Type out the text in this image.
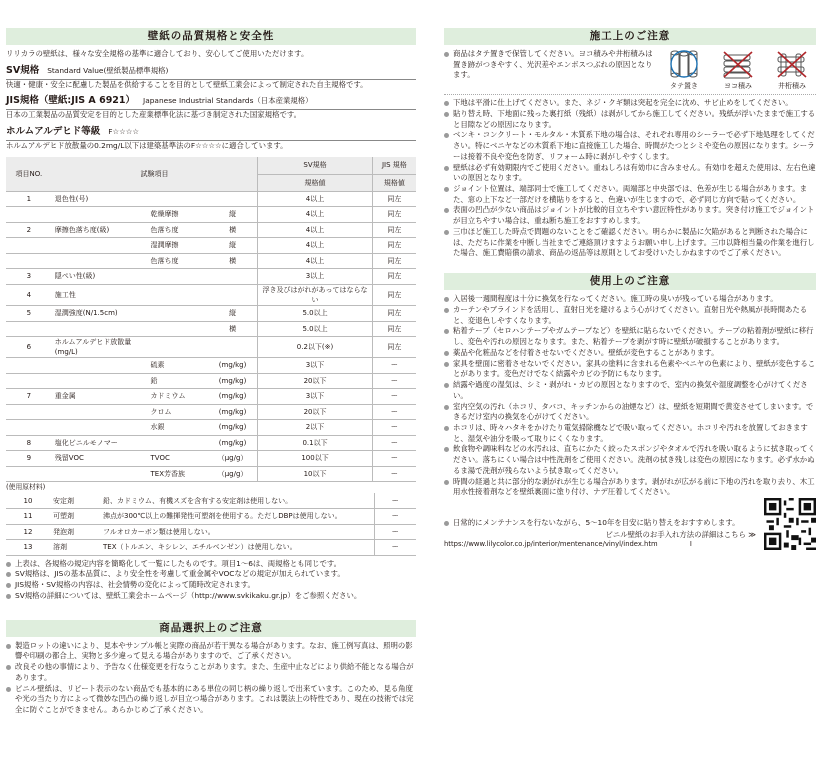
壁紙の品質規格と安全性
リリカラの壁紙は、様々な安全規格の基準に適合しており、安心してご使用いただけます。
SV規格 Standard Value(壁紙製品標準規格)
快適・健康・安全に配慮した製品を供給することを目的として壁紙工業会によって制定された自主規格です。
JIS規格（壁紙:JIS A 6921） Japanese Industrial Standards（日本産業規格）
日本の工業製品の品質安定を目的とした産業標準化法に基づき制定された国家規格です。
ホルムアルデヒド等級 F☆☆☆☆
ホルムアルデヒド放散量の0.2mg/L以下は建築基準法のF☆☆☆☆に適合しています。
項目NO.	試験項目			SV規格	JIS 規格
				規格値	規格値
1	退色性(号)			4以上	同左
		乾燥摩擦	縦	4以上	同左
2	摩擦色落ち度(級)	色落ち度	横	4以上	同左
		湿潤摩擦	縦	4以上	同左
		色落ち度	横	4以上	同左
3	隠ぺい性(級)			3以上	同左
4	施工性			浮き及びはがれがあってはならない	同左
5	湿潤強度(N/1.5cm)		縦	5.0以上	同左
			横	5.0以上	同左
6	ホルムアルデヒド放散量(mg/L)			0.2以下(※)	同左
		硫素	(mg/kg)	3以下	ー
		鉛	(mg/kg)	20以下	ー
7	重金属	カドミウム	(mg/kg)	3以下	ー
		クロム	(mg/kg)	20以下	ー
		水銀	(mg/kg)	2以下	ー
8	塩化ビニルモノマー		(mg/kg)	0.1以下	ー
9	残留VOC	TVOC	（μg/g）	100以下	ー
		TEX芳香族	（μg/g）	10以下	ー
(使用原材料)
10	安定剤	鉛、カドミウム、有機スズを含有する安定剤は使用しない。	ー
11	可塑剤	沸点が300℃以上の難揮発性可塑剤を使用する。ただしDBPは使用しない。	ー
12	発泡剤	フルオロカーボン類は使用しない。	ー
13	溶剤	TEX（トルエン、キシレン、エチルベンゼン）は使用しない。	ー
上表は、各規格の規定内容を簡略化して一覧にしたものです。項目1〜6は、両規格とも同じです。
SV規格は、JISの基本品質に、より安全性を考慮して重金属やVOCなどの規定が加えられています。
JIS規格・SV規格の内容は、社会情勢の変化によって随時改定されます。
SV規格の詳細については、壁紙工業会ホームページ（http://www.svkikaku.gr.jp）をご参照ください。
商品選択上のご注意
製造ロットの違いにより、見本やサンプル帳と実際の商品が若干異なる場合があります。なお、施工例写真は、照明の影響や印刷の都合上、実物と多少違って見える場合がありますので、ご了承ください。
改良その他の事情により、予告なく仕様変更を行なうことがあります。また、生産中止などにより供給不能となる場合があります。
ビニル壁紙は、リピート表示のない商品でも基本的にある単位の同じ柄の繰り返しで出来ています。このため、見る角度や光の当たり方によって微妙な凹凸の繰り返しが目立つ場合があります。これは製法上の特性であり、現在の技術では完全に防ぐことができません。あらかじめご了承ください。
施工上のご注意
商品はタテ置きで保管してください。ヨコ積みや井桁積みは置き跡がつきやすく、光沢差やエンボスつぶれの原因となります。
タテ置き	ヨコ積み	井桁積み
下地は平滑に仕上げてください。また、ネジ・クギ類は突起を完全に沈め、サビ止めをしてください。
貼り替え時、下地面に残った裏打紙（残紙）は剥がしてから施工してください。残紙が浮いたままで施工すると目隙などの原因になります。
ベンキ・コンクリート・モルタル・木質系下地の場合は、それぞれ専用のシーラーで必ず下地処理をしてください。特にベニヤなどの木質系下地に直接施工した場合、時間がたつとシミや変色の原因になります。シーラーは接着不良や変色を防ぎ、リフォーム時に剥がしやすくします。
壁紙は必ず有効期限内でご使用ください。重ねしろは有効巾に含みません。有効巾を超えた使用は、左右色違いの原因となります。
ジョイント位置は、端部同士で施工してください。両端部と中央部では、色差が生じる場合があります。また、窓の上下など一部だけを横貼りをすると、色違いが生じますので、必ず同じ方向で貼ってください。
表面の凹凸が少ない商品はジョイントが比較的目立ちやすい意匠特性があります。突き付け施工でジョイントが目立ちやすい場合は、重ね断ち施工をおすすめします。
三巾ほど施工した時点で問題のないことをご確認ください。明らかに製品に欠陥があると判断された場合には、ただちに作業を中断し当社までご連絡頂けますようお願い申し上げます。三巾以降相当量の作業を進行した場合、施工費賠償の請求、商品の返品等は原則としてお受けいたしかねますのでご了承ください。
使用上のご注意
入居後一週間程度は十分に換気を行なってください。施工時の臭いが残っている場合があります。
カーテンやブラインドを活用し、直射日光を避けるよう心がけてください。直射日光や熱風が長時間あたると、変退色しやすくなります。
粘着テープ（セロハンテープやガムテープなど）を壁紙に貼らないでください。テープの粘着剤が壁紙に移行し、変色や汚れの原因となります。また、粘着テープを剥がす時に壁紙が破損することがあります。
薬品や化粧品などを付着させないでください。壁紙が変色することがあります。
家具を壁面に密着させないでください。家具の塗料に含まれる色素やベニヤの色素により、壁紙が変色することがあります。変色だけでなく結露やカビの予防にもなります。
結露や過度の湿気は、シミ・剥がれ・カビの原因となりますので、室内の換気や湿度調整を心がけてください。
室内空気の汚れ（ホコリ、タバコ、キッチンからの油煙など）は、壁紙を短期間で黄変させてしまいます。できるだけ室内の換気を心がけてください。
ホコリは、時々ハタキをかけたり電気掃除機などで吸い取ってください。ホコリや汚れを放置しておきますと、湿気や油分を吸って取りにくくなります。
飲食物や調味料などの水汚れは、直ちにかたく絞ったスポンジやタオルで汚れを吸い取るように拭き取ってください。落ちにくい場合は中性洗剤をご使用ください。洗剤の拭き残しは変色の原因になります。必ず水かぬるま湯で洗剤が残らないよう拭き取ってください。
時間の経過と共に部分的な剥がれが生じる場合があります。剥がれが広がる前に下地の汚れを取り去り、木工用水性接着剤などを壁紙裏面に塗り付け、ナデ圧着してください。
日常的にメンテナンスを行ないながら、5〜10年を目安に貼り替えをおすすめします。
ビニル壁紙のお手入れ方法の詳細はこちら ≫
https://www.lilycolor.co.jp/interior/mentenance/vinyl/index.htm	I
